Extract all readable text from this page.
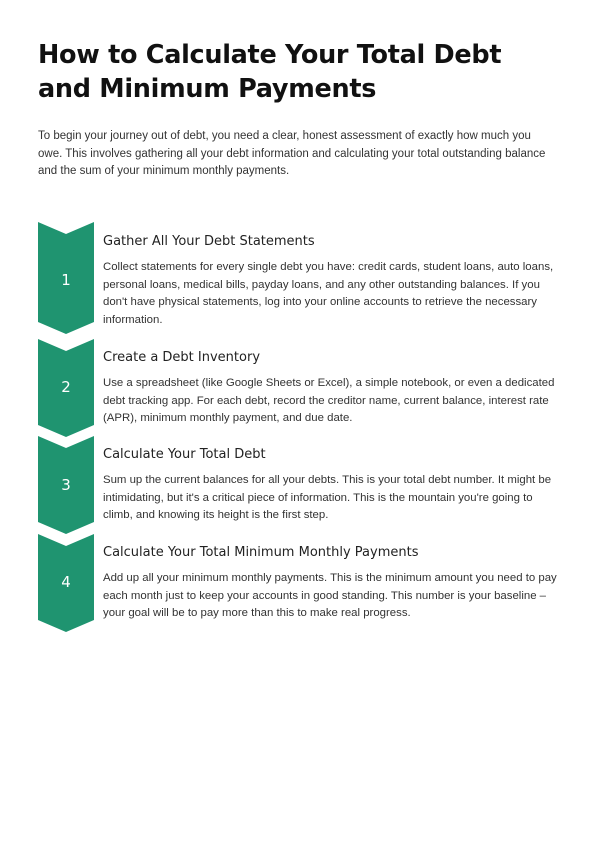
How to Calculate Your Total Debt and Minimum Payments

To begin your journey out of debt, you need a clear, honest assessment of exactly how much you owe. This involves gathering all your debt information and calculating your total outstanding balance and the sum of your minimum monthly payments.

1
Gather All Your Debt Statements

Collect statements for every single debt you have: credit cards, student loans, auto loans, personal loans, medical bills, payday loans, and any other outstanding balances. If you don't have physical statements, log into your online accounts to retrieve the necessary information.

2
Create a Debt Inventory

Use a spreadsheet (like Google Sheets or Excel), a simple notebook, or even a dedicated debt tracking app. For each debt, record the creditor name, current balance, interest rate (APR), minimum monthly payment, and due date.

3
Calculate Your Total Debt

Sum up the current balances for all your debts. This is your total debt number. It might be intimidating, but it's a critical piece of information. This is the mountain you're going to climb, and knowing its height is the first step.

4
Calculate Your Total Minimum Monthly Payments

Add up all your minimum monthly payments. This is the minimum amount you need to pay each month just to keep your accounts in good standing. This number is your baseline – your goal will be to pay more than this to make real progress.
